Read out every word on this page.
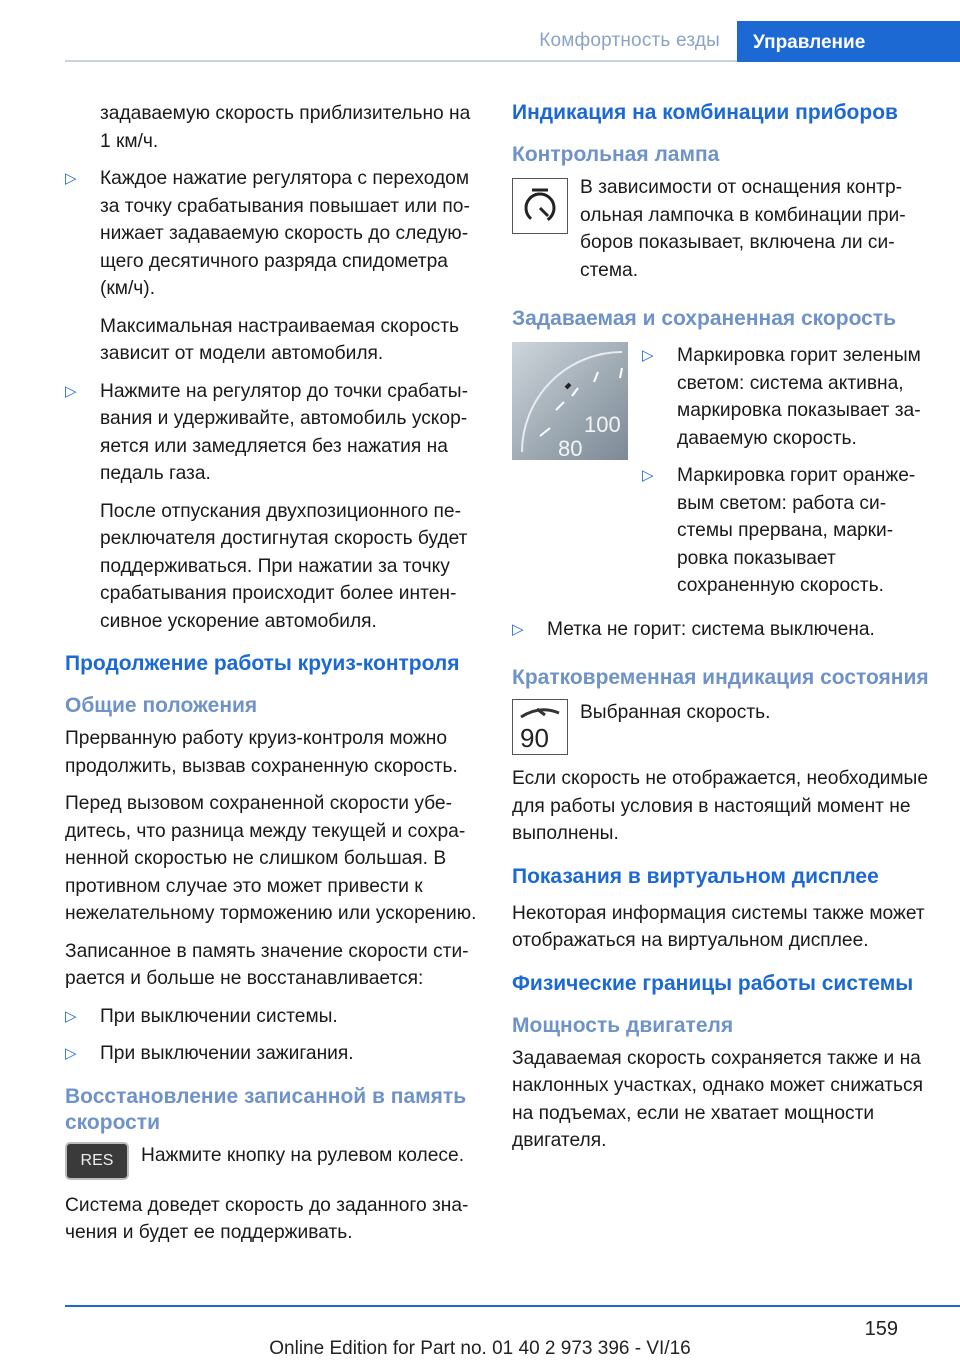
Комфортность езды	Управление

задаваемую скорость приблизительно на 1 км/ч.

▷ Каждое нажатие регулятора с переходом за точку срабатывания повышает или понижает задаваемую скорость до следующего десятичного разряда спидометра (км/ч).

Максимальная настраиваемая скорость зависит от модели автомобиля.

▷ Нажмите на регулятор до точки срабатывания и удерживайте, автомобиль ускоряется или замедляется без нажатия на педаль газа.

После отпускания двухпозиционного переключателя достигнутая скорость будет поддерживаться. При нажатии за точку срабатывания происходит более интенсивное ускорение автомобиля.

Продолжение работы круиз-контроля
Общие положения

Прерванную работу круиз-контроля можно продолжить, вызвав сохраненную скорость.

Перед вызовом сохраненной скорости убедитесь, что разница между текущей и сохраненной скоростью не слишком большая. В противном случае это может привести к нежелательному торможению или ускорению.

Записанное в память значение скорости стирается и больше не восстанавливается:

▷ При выключении системы.
▷ При выключении зажигания.
Восстановление записанной в память скорости
RES	Нажмите кнопку на рулевом колесе.

Система доведет скорость до заданного значения и будет ее поддерживать.

Индикация на комбинации приборов
Контрольная лампа

В зависимости от оснащения контрольная лампочка в комбинации приборов показывает, включена ли система.

Задаваемая и сохраненная скорость
100
80
▷ Маркировка горит зеленым светом: система активна, маркировка показывает задаваемую скорость.
▷ Маркировка горит оранжевым светом: работа системы прервана, маркировка показывает сохраненную скорость.
▷ Метка не горит: система выключена.
Кратковременная индикация состояния
90

Выбранная скорость.

Если скорость не отображается, необходимые для работы условия в настоящий момент не выполнены.

Показания в виртуальном дисплее

Некоторая информация системы также может отображаться на виртуальном дисплее.

Физические границы работы системы
Мощность двигателя

Задаваемая скорость сохраняется также и на наклонных участках, однако может снижаться на подъемах, если не хватает мощности двигателя.

159
Online Edition for Part no. 01 40 2 973 396 - VI/16
